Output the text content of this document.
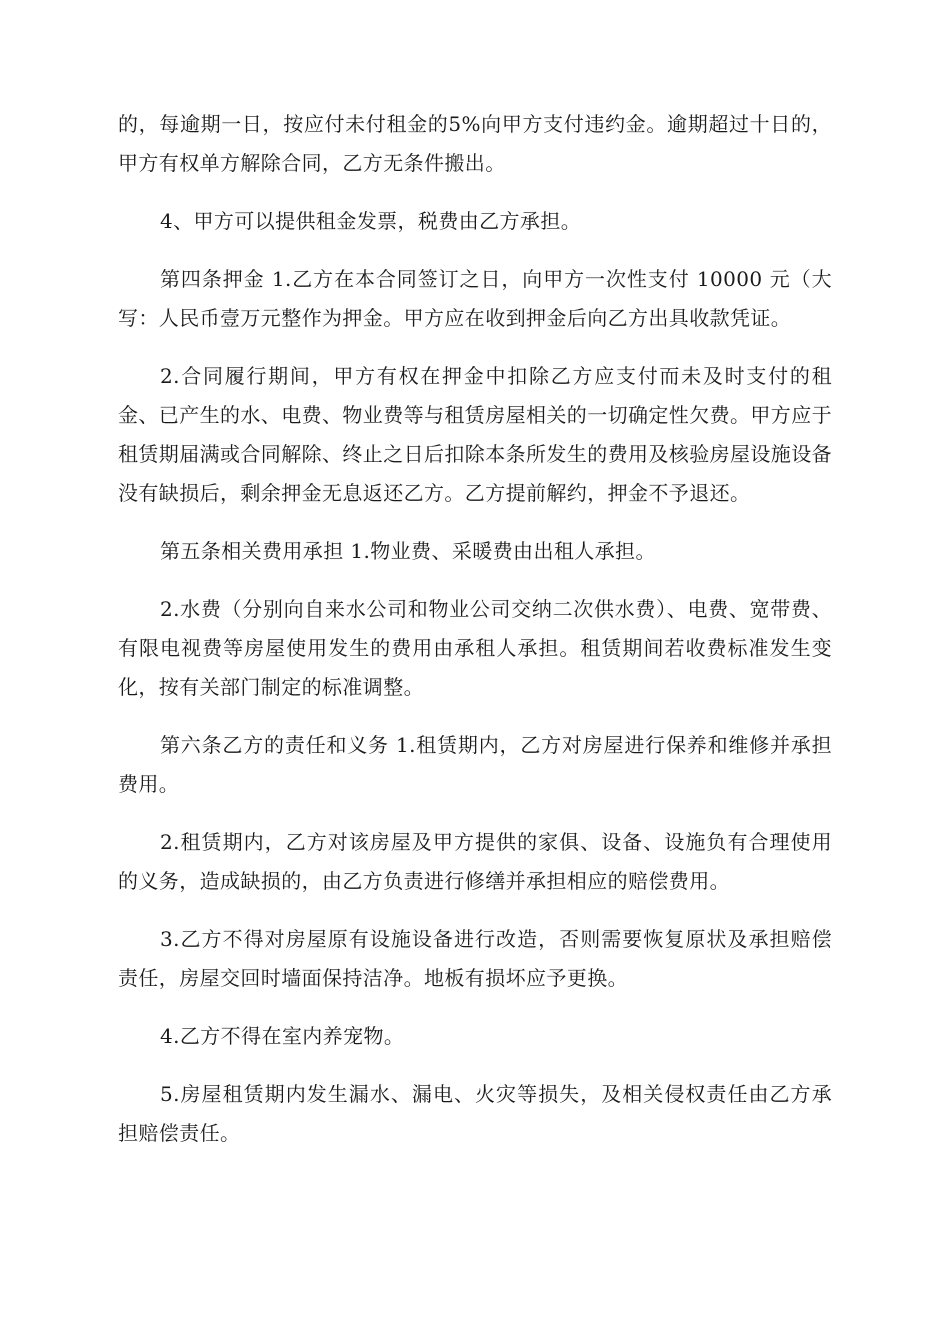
的，每逾期一日，按应付未付租金的5%向甲方支付违约金。逾期超过十日的，甲方有权单方解除合同，乙方无条件搬出。

4、甲方可以提供租金发票，税费由乙方承担。

第四条押金 1.乙方在本合同签订之日，向甲方一次性支付 10000 元（大写：人民币壹万元整作为押金。甲方应在收到押金后向乙方出具收款凭证。

2.合同履行期间，甲方有权在押金中扣除乙方应支付而未及时支付的租金、已产生的水、电费、物业费等与租赁房屋相关的一切确定性欠费。甲方应于租赁期届满或合同解除、终止之日后扣除本条所发生的费用及核验房屋设施设备没有缺损后，剩余押金无息返还乙方。乙方提前解约，押金不予退还。

第五条相关费用承担 1.物业费、采暖费由出租人承担。

2.水费（分别向自来水公司和物业公司交纳二次供水费）、电费、宽带费、有限电视费等房屋使用发生的费用由承租人承担。租赁期间若收费标准发生变化，按有关部门制定的标准调整。

第六条乙方的责任和义务 1.租赁期内，乙方对房屋进行保养和维修并承担费用。

2.租赁期内，乙方对该房屋及甲方提供的家俱、设备、设施负有合理使用的义务，造成缺损的，由乙方负责进行修缮并承担相应的赔偿费用。

3.乙方不得对房屋原有设施设备进行改造，否则需要恢复原状及承担赔偿责任，房屋交回时墙面保持洁净。地板有损坏应予更换。

4.乙方不得在室内养宠物。

5.房屋租赁期内发生漏水、漏电、火灾等损失，及相关侵权责任由乙方承担赔偿责任。
